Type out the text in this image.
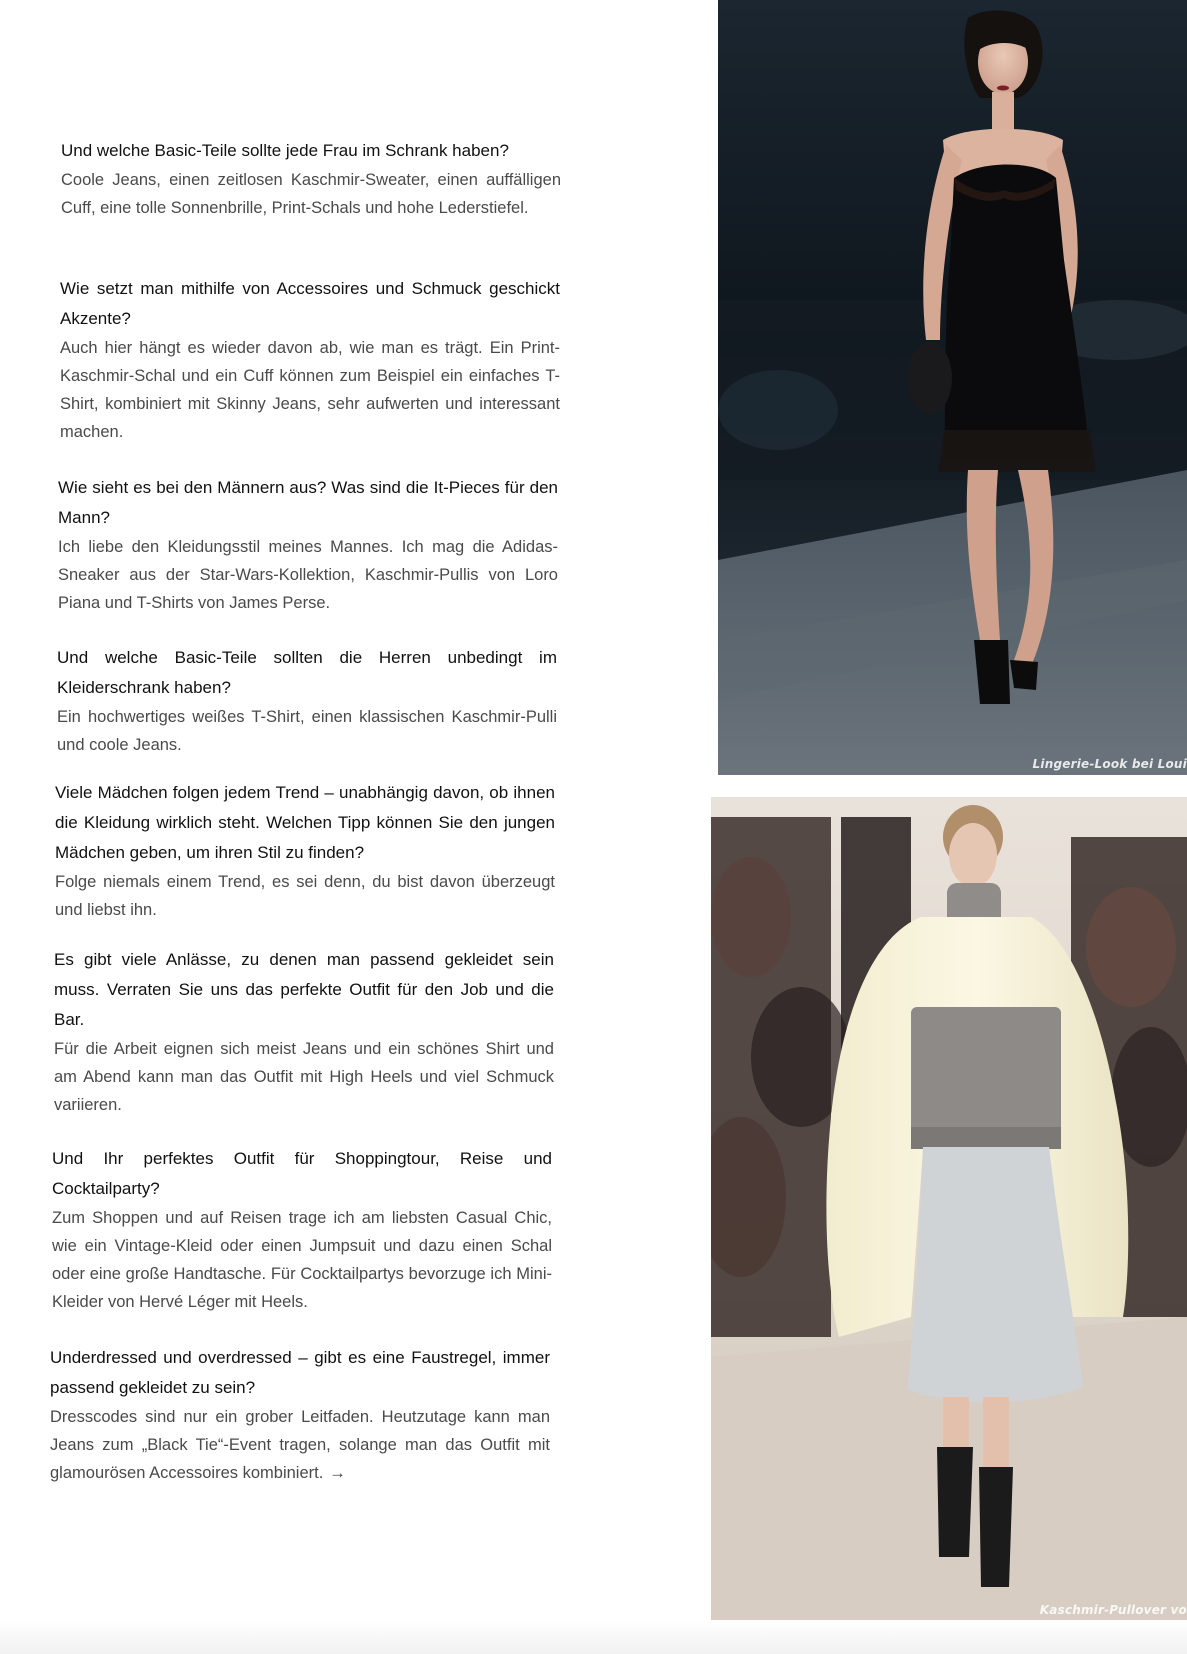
Und welche Basic-Teile sollte jede Frau im Schrank haben?

Coole Jeans, einen zeitlosen Kaschmir-Sweater, einen auffälligen Cuff, eine tolle Sonnenbrille, Print-Schals und hohe Lederstiefel.

Wie setzt man mithilfe von Accessoires und Schmuck geschickt Akzente?

Auch hier hängt es wieder davon ab, wie man es trägt. Ein Print-Kaschmir-Schal und ein Cuff können zum Beispiel ein einfaches T-Shirt, kombiniert mit Skinny Jeans, sehr aufwerten und interessant machen.

Wie sieht es bei den Männern aus? Was sind die It-Pieces für den Mann?

Ich liebe den Kleidungsstil meines Mannes. Ich mag die Adidas-Sneaker aus der Star-Wars-Kollektion, Kaschmir-Pullis von Loro Piana und T-Shirts von James Perse.

Und welche Basic-Teile sollten die Herren unbedingt im Kleiderschrank haben?

Ein hochwertiges weißes T-Shirt, einen klassischen Kaschmir-Pulli und coole Jeans.

Viele Mädchen folgen jedem Trend – unabhängig davon, ob ihnen die Kleidung wirklich steht. Welchen Tipp können Sie den jungen Mädchen geben, um ihren Stil zu finden?

Folge niemals einem Trend, es sei denn, du bist davon überzeugt und liebst ihn.

Es gibt viele Anlässe, zu denen man passend gekleidet sein muss. Verraten Sie uns das perfekte Outfit für den Job und die Bar.

Für die Arbeit eignen sich meist Jeans und ein schönes Shirt und am Abend kann man das Outfit mit High Heels und viel Schmuck variieren.

Und Ihr perfektes Outfit für Shoppingtour, Reise und Cocktailparty?

Zum Shoppen und auf Reisen trage ich am liebsten Casual Chic, wie ein Vintage-Kleid oder einen Jumpsuit und dazu einen Schal oder eine große Handtasche. Für Cocktailpartys bevorzuge ich Mini-Kleider von Hervé Léger mit Heels.

Underdressed und overdressed – gibt es eine Faustregel, immer passend gekleidet zu sein?

Dresscodes sind nur ein grober Leitfaden. Heutzutage kann man Jeans zum „Black Tie“-Event tragen, solange man das Outfit mit glamourösen Accessoires kombiniert. →

Lingerie-Look bei Loui
Kaschmir-Pullover vo
